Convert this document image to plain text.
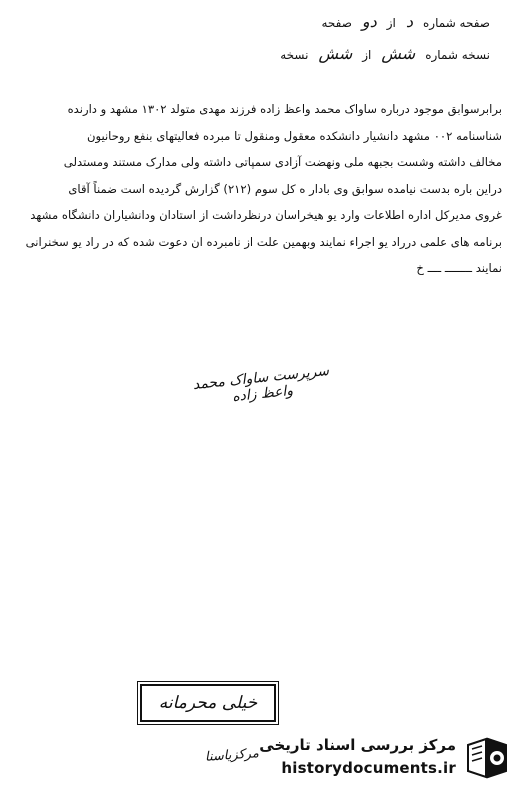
صفحه شماره
د
از
دو
صفحه
نسخه شماره
شش
از
شش
نسخه
برابرسوابق موجود درباره ساواک محمد واعظ زاده فرزند مهدی متولد ۱۳۰۲ مشهد و دارنده
شناسنامه ۰۰۲ مشهد دانشیار دانشکده معقول ومنقول تا مبرده فعالیتهای بنفع روحانیون
مخالف داشته وشست بجبهه ملی ونهضت آزادی سمپاتی داشته ولی مدارک مستند ومستدلی
دراین باره بدست نیامده سوابق وی بادار ه کل سوم (۲۱۲) گزارش گردیده است ضمناً آقای
غروی مدیرکل اداره اطلاعات وارد یو هیخراسان درنظرداشت از استادان ودانشیاران دانشگاه مشهد
برنامه های علمی درراد یو اجراء نمایند وبهمین علت از نامبرده ان دعوت شده که در راد یو سخنرانی
نمایند ــــــــ ــــ خ
سرپرست ساواک محمد واعظ زاده
خیلی محرمانه
مرکزیاسنا
مرکز بررسی اسناد تاریخی
historydocuments.ir
